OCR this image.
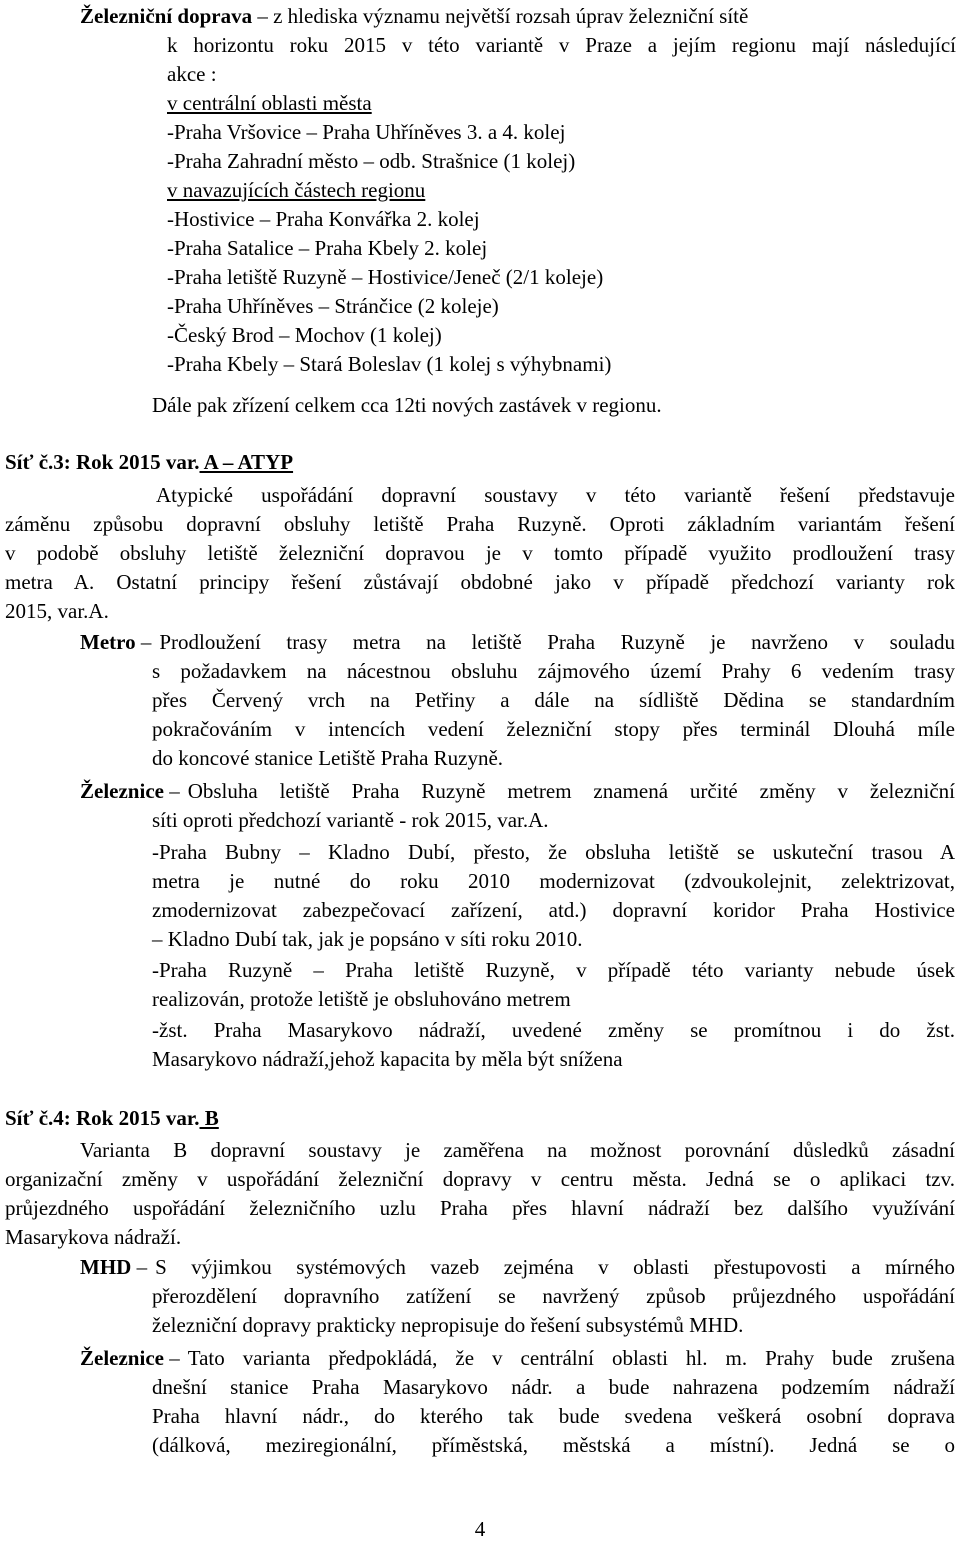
Železniční doprava – z hlediska významu největší rozsah úprav železniční sítě
k horizontu roku 2015 v této variantě v Praze a jejím regionu mají následující
akce :
v centrální oblasti města
-Praha Vršovice – Praha Uhříněves 3. a 4. kolej
-Praha Zahradní město – odb. Strašnice (1 kolej)
v navazujících částech regionu
-Hostivice – Praha Konvářka 2. kolej
-Praha Satalice – Praha Kbely 2. kolej
-Praha letiště Ruzyně – Hostivice/Jeneč (2/1 koleje)
-Praha Uhříněves – Stránčice (2 koleje)
-Český Brod – Mochov (1 kolej)
-Praha Kbely – Stará Boleslav (1 kolej s výhybnami)
Dále pak zřízení celkem cca 12ti nových zastávek v regionu.
Síť č.3: Rok 2015 var. A – ATYP
Atypické uspořádání dopravní soustavy v této variantě řešení představuje
záměnu způsobu dopravní obsluhy letiště Praha Ruzyně. Oproti základním variantám řešení
v podobě obsluhy letiště železniční dopravou je v tomto případě využito prodloužení trasy
metra A. Ostatní principy řešení zůstávají obdobné jako v případě předchozí varianty rok
2015, var.A.
Metro – Prodloužení trasy metra na letiště Praha Ruzyně je navrženo v souladu
s požadavkem na nácestnou obsluhu zájmového území Prahy 6 vedením trasy
přes Červený vrch na Petřiny a dále na sídliště Dědina se standardním
pokračováním v intencích vedení železniční stopy přes terminál Dlouhá míle
do koncové stanice Letiště Praha Ruzyně.
Železnice – Obsluha letiště Praha Ruzyně metrem znamená určité změny v železniční
síti oproti předchozí variantě - rok 2015, var.A.
-Praha Bubny – Kladno Dubí, přesto, že obsluha letiště se uskuteční trasou A
metra je nutné do roku 2010 modernizovat (zdvoukolejnit, zelektrizovat,
zmodernizovat zabezpečovací zařízení, atd.) dopravní koridor Praha Hostivice
– Kladno Dubí tak, jak je popsáno v síti roku 2010.
-Praha Ruzyně – Praha letiště Ruzyně, v případě této varianty nebude úsek
realizován, protože letiště je obsluhováno metrem
-žst. Praha Masarykovo nádraží, uvedené změny se promítnou i do žst.
Masarykovo nádraží,jehož kapacita by měla být snížena
Síť č.4: Rok 2015 var. B
Varianta B dopravní soustavy je zaměřena na možnost porovnání důsledků zásadní
organizační změny v uspořádání železniční dopravy v centru města. Jedná se o aplikaci tzv.
průjezdného uspořádání železničního uzlu Praha přes hlavní nádraží bez dalšího využívání
Masarykova nádraží.
MHD – S výjimkou systémových vazeb zejména v oblasti přestupovosti a mírného
přerozdělení dopravního zatížení se navržený způsob průjezdného uspořádání
železniční dopravy prakticky nepropisuje do řešení subsystémů MHD.
Železnice – Tato varianta předpokládá, že v centrální oblasti hl. m. Prahy bude zrušena
dnešní stanice Praha Masarykovo nádr. a bude nahrazena podzemím nádraží
Praha hlavní nádr., do kterého tak bude svedena veškerá osobní doprava
(dálková, meziregionální, příměstská, městská a místní). Jedná se o
4
